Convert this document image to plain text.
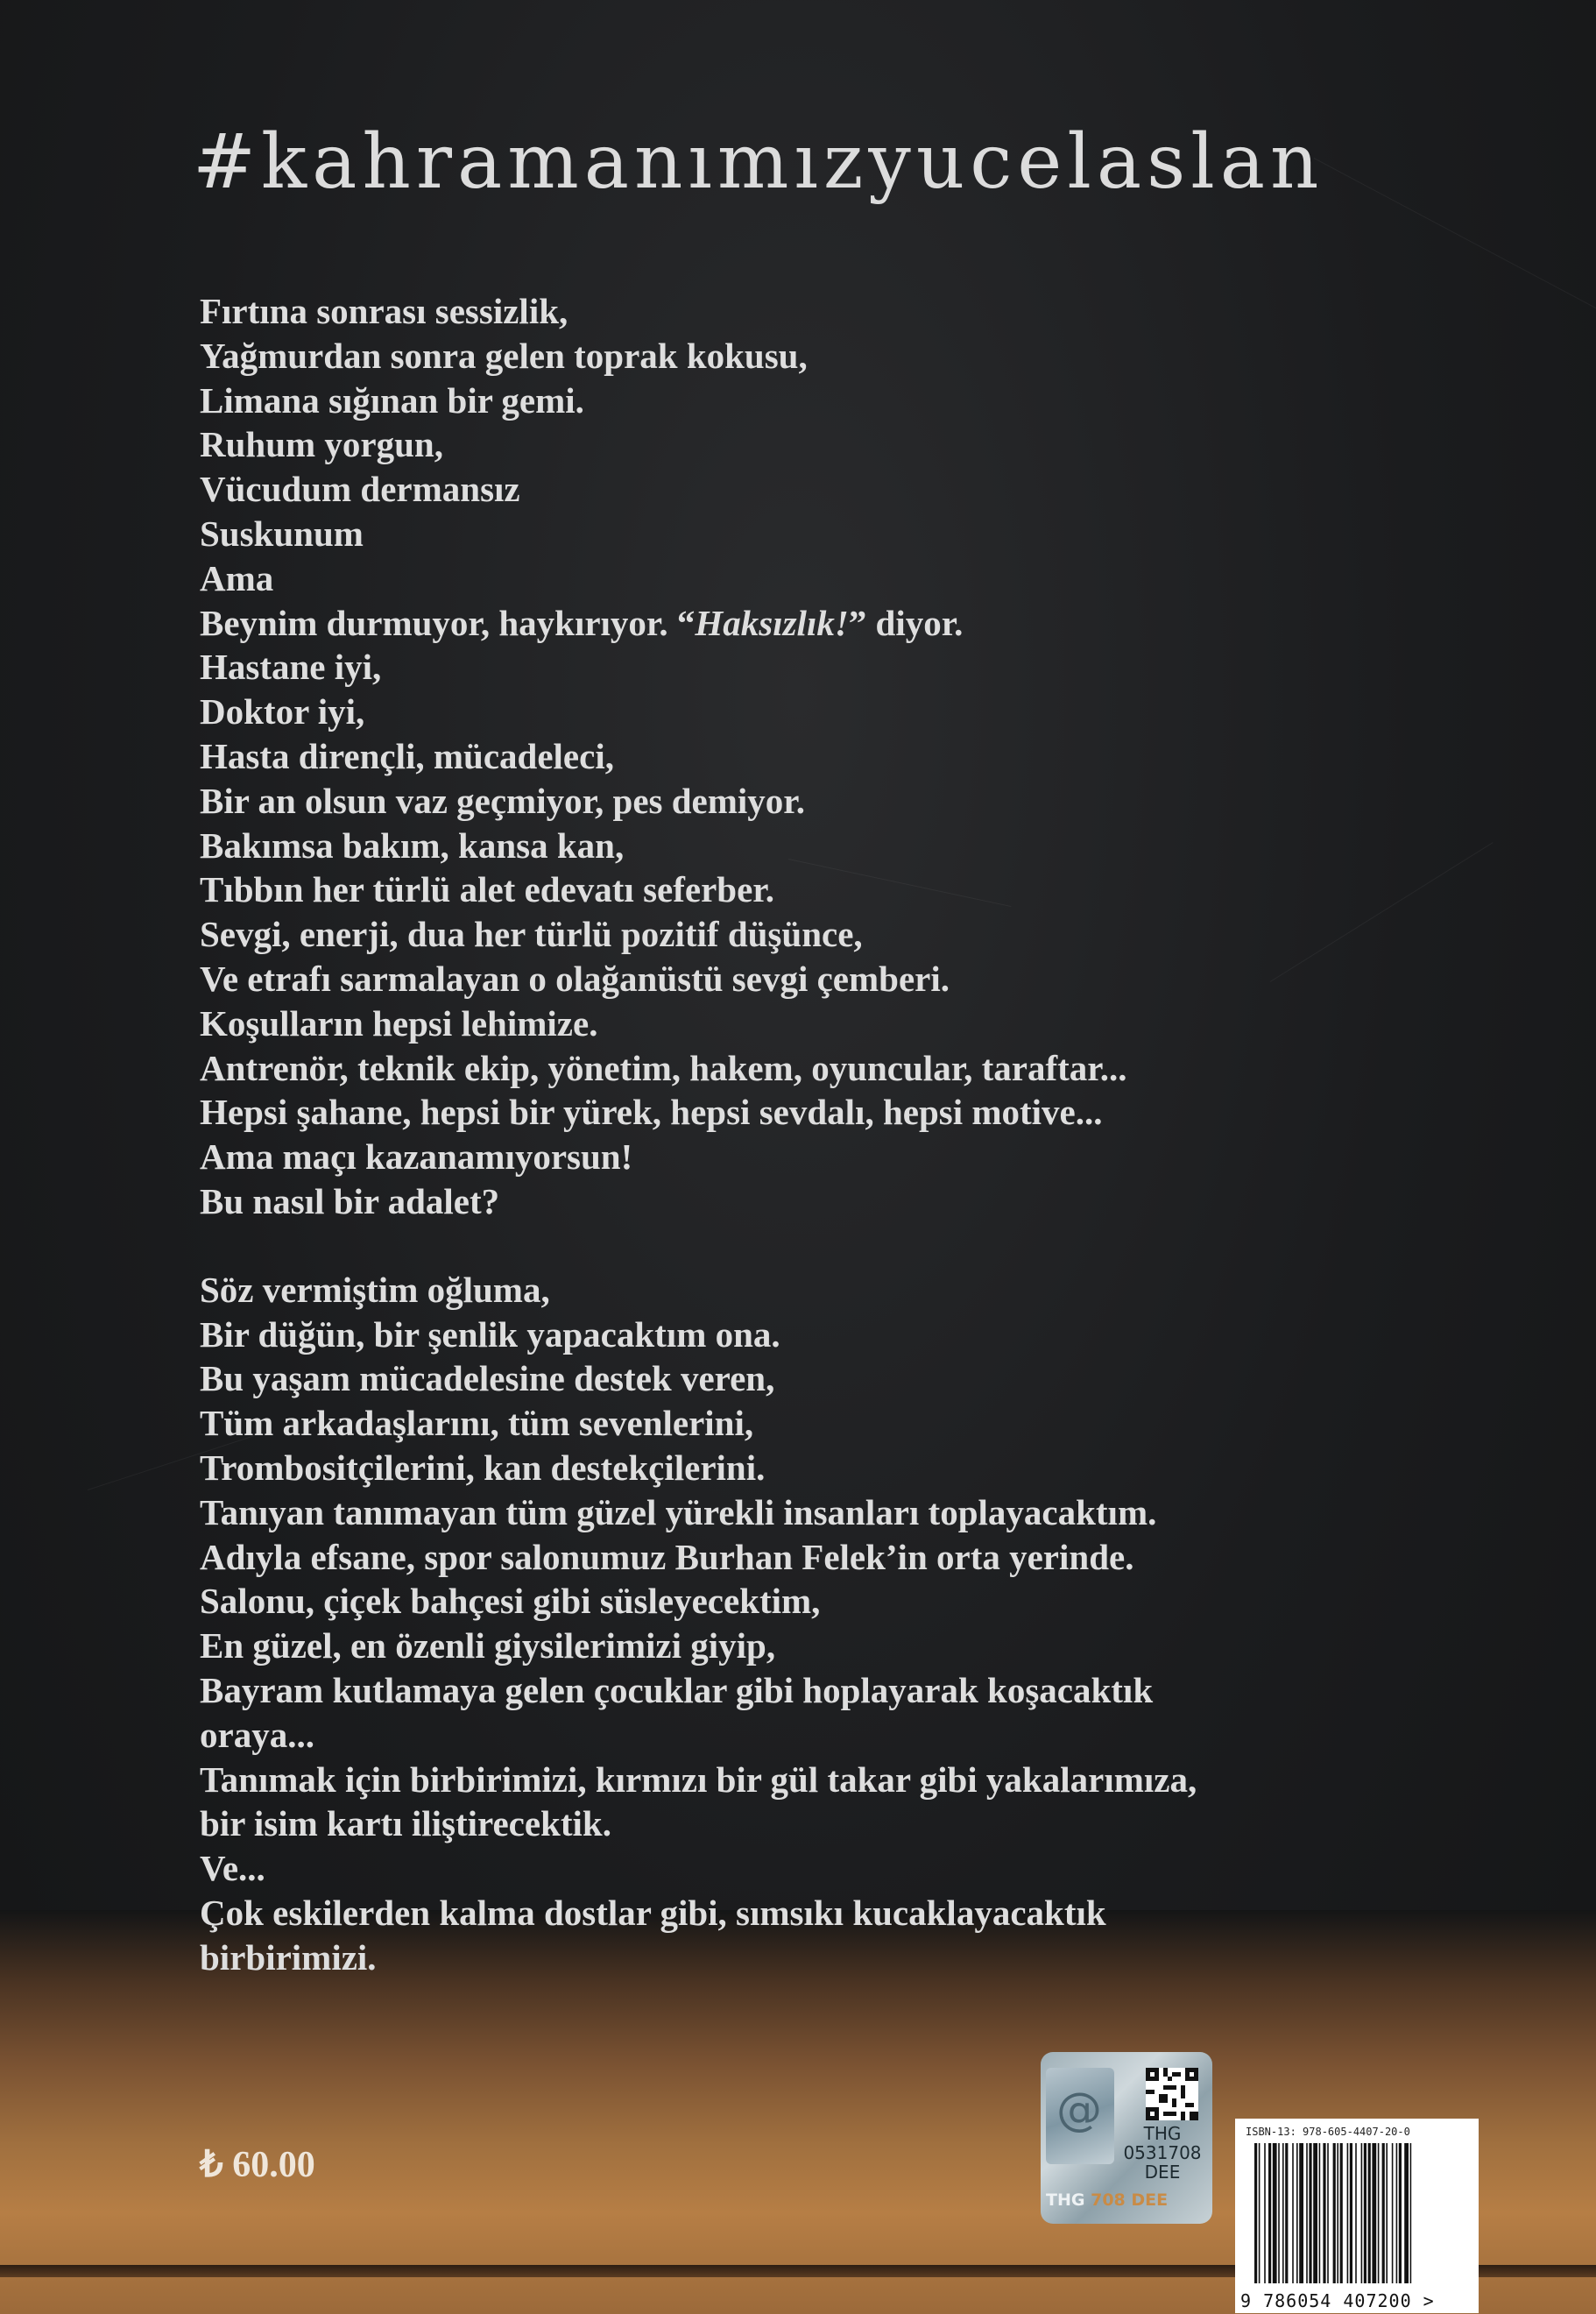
#kahramanımızyucelaslan
Fırtına sonrası sessizlik,
Yağmurdan sonra gelen toprak kokusu,
Limana sığınan bir gemi.
Ruhum yorgun,
Vücudum dermansız
Suskunum
Ama
Beynim durmuyor, haykırıyor. “Haksızlık!” diyor.
Hastane iyi,
Doktor iyi,
Hasta dirençli, mücadeleci,
Bir an olsun vaz geçmiyor, pes demiyor.
Bakımsa bakım, kansa kan,
Tıbbın her türlü alet edevatı seferber.
Sevgi, enerji, dua her türlü pozitif düşünce,
Ve etrafı sarmalayan o olağanüstü sevgi çemberi.
Koşulların hepsi lehimize.
Antrenör, teknik ekip, yönetim, hakem, oyuncular, taraftar...
Hepsi şahane, hepsi bir yürek, hepsi sevdalı, hepsi motive...
Ama maçı kazanamıyorsun!
Bu nasıl bir adalet?
Söz vermiştim oğluma,
Bir düğün, bir şenlik yapacaktım ona.
Bu yaşam mücadelesine destek veren,
Tüm arkadaşlarını, tüm sevenlerini,
Trombositçilerini, kan destekçilerini.
Tanıyan tanımayan tüm güzel yürekli insanları toplayacaktım.
Adıyla efsane, spor salonumuz Burhan Felek’in orta yerinde.
Salonu, çiçek bahçesi gibi süsleyecektim,
En güzel, en özenli giysilerimizi giyip,
Bayram kutlamaya gelen çocuklar gibi hoplayarak koşacaktık
oraya...
Tanımak için birbirimizi, kırmızı bir gül takar gibi yakalarımıza,
bir isim kartı iliştirecektik.
Ve...
Çok eskilerden kalma dostlar gibi, sımsıkı kucaklayacaktık
birbirimizi.
₺ 60.00
@	THG
0531708
DEE
THG 708 DEE
ISBN-13: 978-605-4407-20-0
9 786054 407200 >
